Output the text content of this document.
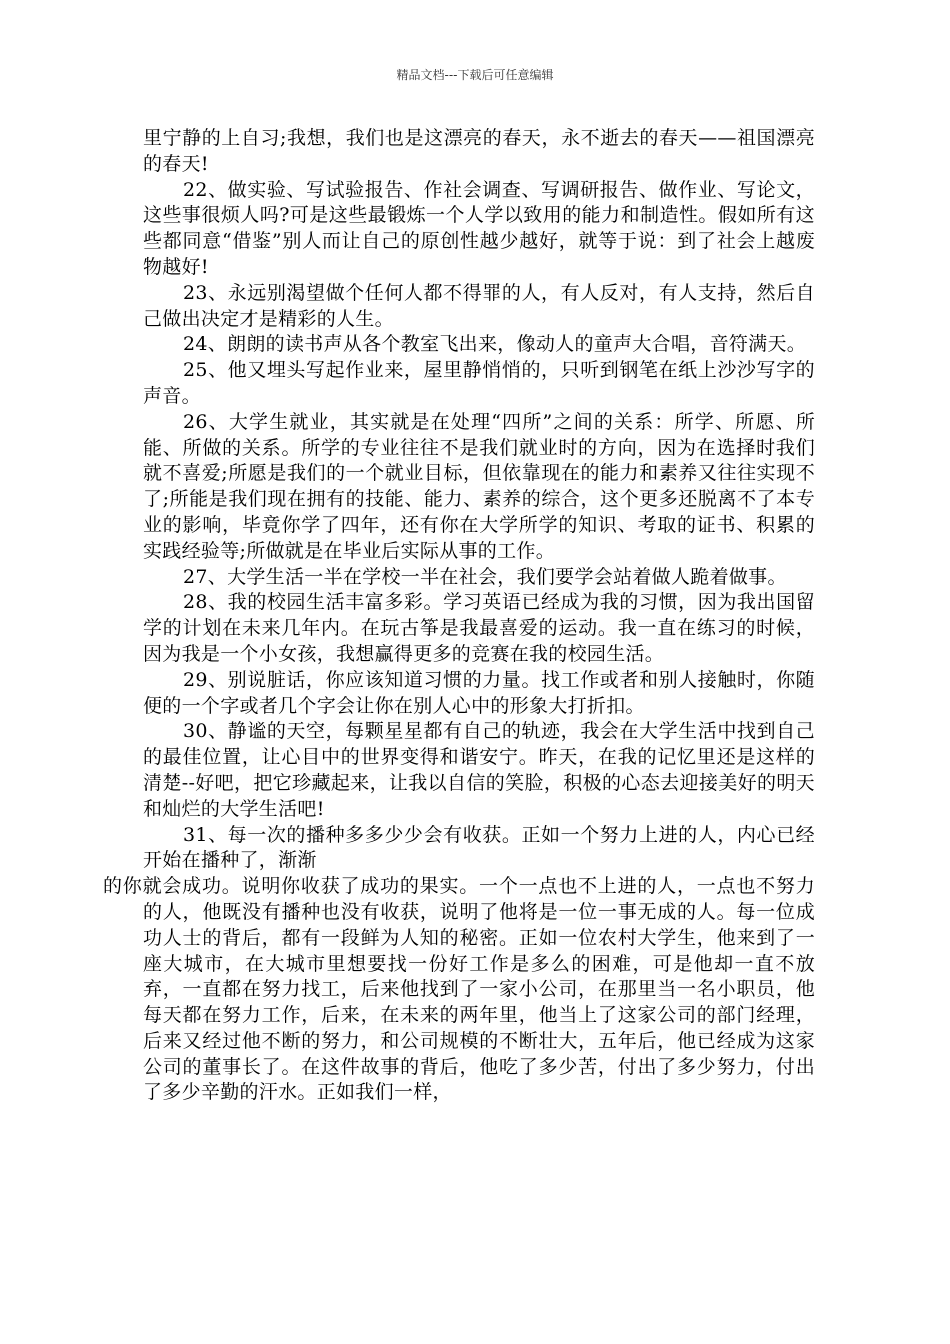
精品文档---下载后可任意编辑

里宁静的上自习;我想，我们也是这漂亮的春天，永不逝去的春天——祖国漂亮的春天!

22、做实验、写试验报告、作社会调查、写调研报告、做作业、写论文，这些事很烦人吗?可是这些最锻炼一个人学以致用的能力和制造性。假如所有这些都同意“借鉴”别人而让自己的原创性越少越好，就等于说：到了社会上越废物越好!

23、永远别渴望做个任何人都不得罪的人，有人反对，有人支持，然后自己做出决定才是精彩的人生。

24、朗朗的读书声从各个教室飞出来，像动人的童声大合唱，音符满天。

25、他又埋头写起作业来，屋里静悄悄的，只听到钢笔在纸上沙沙写字的声音。

26、大学生就业，其实就是在处理“四所”之间的关系：所学、所愿、所能、所做的关系。所学的专业往往不是我们就业时的方向，因为在选择时我们就不喜爱;所愿是我们的一个就业目标，但依靠现在的能力和素养又往往实现不了;所能是我们现在拥有的技能、能力、素养的综合，这个更多还脱离不了本专业的影响，毕竟你学了四年，还有你在大学所学的知识、考取的证书、积累的实践经验等;所做就是在毕业后实际从事的工作。

27、大学生活一半在学校一半在社会，我们要学会站着做人跪着做事。

28、我的校园生活丰富多彩。学习英语已经成为我的习惯，因为我出国留学的计划在未来几年内。在玩古筝是我最喜爱的运动。我一直在练习的时候，因为我是一个小女孩，我想赢得更多的竞赛在我的校园生活。

29、别说脏话，你应该知道习惯的力量。找工作或者和别人接触时，你随便的一个字或者几个字会让你在别人心中的形象大打折扣。

30、静谧的天空，每颗星星都有自己的轨迹，我会在大学生活中找到自己的最佳位置，让心目中的世界变得和谐安宁。昨天，在我的记忆里还是这样的清楚--好吧，把它珍藏起来，让我以自信的笑脸，积极的心态去迎接美好的明天和灿烂的大学生活吧!

31、每一次的播种多多少少会有收获。正如一个努力上进的人，内心已经开始在播种了，渐渐

的你就会成功。说明你收获了成功的果实。一个一点也不上进的人，一点也不努力的人，他既没有播种也没有收获，说明了他将是一位一事无成的人。每一位成功人士的背后，都有一段鲜为人知的秘密。正如一位农村大学生，他来到了一座大城市，在大城市里想要找一份好工作是多么的困难，可是他却一直不放弃，一直都在努力找工，后来他找到了一家小公司，在那里当一名小职员，他每天都在努力工作，后来，在未来的两年里，他当上了这家公司的部门经理，后来又经过他不断的努力，和公司规模的不断壮大，五年后，他已经成为这家公司的董事长了。在这件故事的背后，他吃了多少苦，付出了多少努力，付出了多少辛勤的汗水。正如我们一样，
